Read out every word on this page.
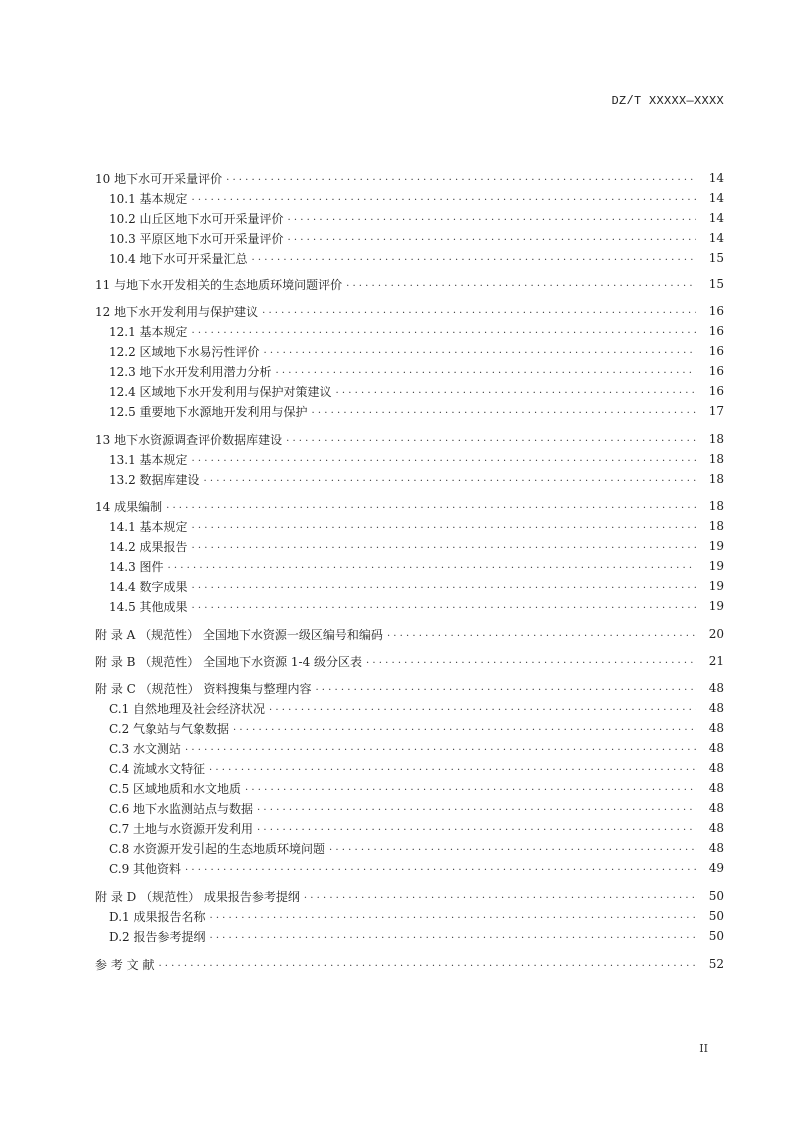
DZ/T XXXXX—XXXX
10 地下水可开采量评价 . . .	14
10.1 基本规定 . . .	14
10.2 山丘区地下水可开采量评价 . . .	14
10.3 平原区地下水可开采量评价 . . .	14
10.4 地下水可开采量汇总 . . .	15
11 与地下水开发相关的生态地质环境问题评价 . . .	15
12 地下水开发利用与保护建议 . . .	16
12.1 基本规定 . . .	16
12.2 区域地下水易污性评价 . . .	16
12.3 地下水开发利用潜力分析 . . .	16
12.4 区域地下水开发利用与保护对策建议 . . .	16
12.5 重要地下水源地开发利用与保护 . . .	17
13 地下水资源调查评价数据库建设 . . .	18
13.1 基本规定 . . .	18
13.2 数据库建设 . . .	18
14 成果编制 . . .	18
14.1 基本规定 . . .	18
14.2 成果报告 . . .	19
14.3 图件 . . .	19
14.4 数字成果 . . .	19
14.5 其他成果 . . .	19
附 录 A （规范性） 全国地下水资源一级区编号和编码 . . .	20
附 录 B （规范性） 全国地下水资源 1-4 级分区表 . . .	21
附 录 C （规范性） 资料搜集与整理内容 . . .	48
C.1 自然地理及社会经济状况 . . .	48
C.2 气象站与气象数据 . . .	48
C.3 水文测站 . . .	48
C.4 流域水文特征 . . .	48
C.5 区域地质和水文地质 . . .	48
C.6 地下水监测站点与数据 . . .	48
C.7 土地与水资源开发利用 . . .	48
C.8 水资源开发引起的生态地质环境问题 . . .	48
C.9 其他资料 . . .	49
附 录 D （规范性） 成果报告参考提纲 . . .	50
D.1 成果报告名称 . . .	50
D.2 报告参考提纲 . . .	50
参 考 文 献 . . .	52
II
